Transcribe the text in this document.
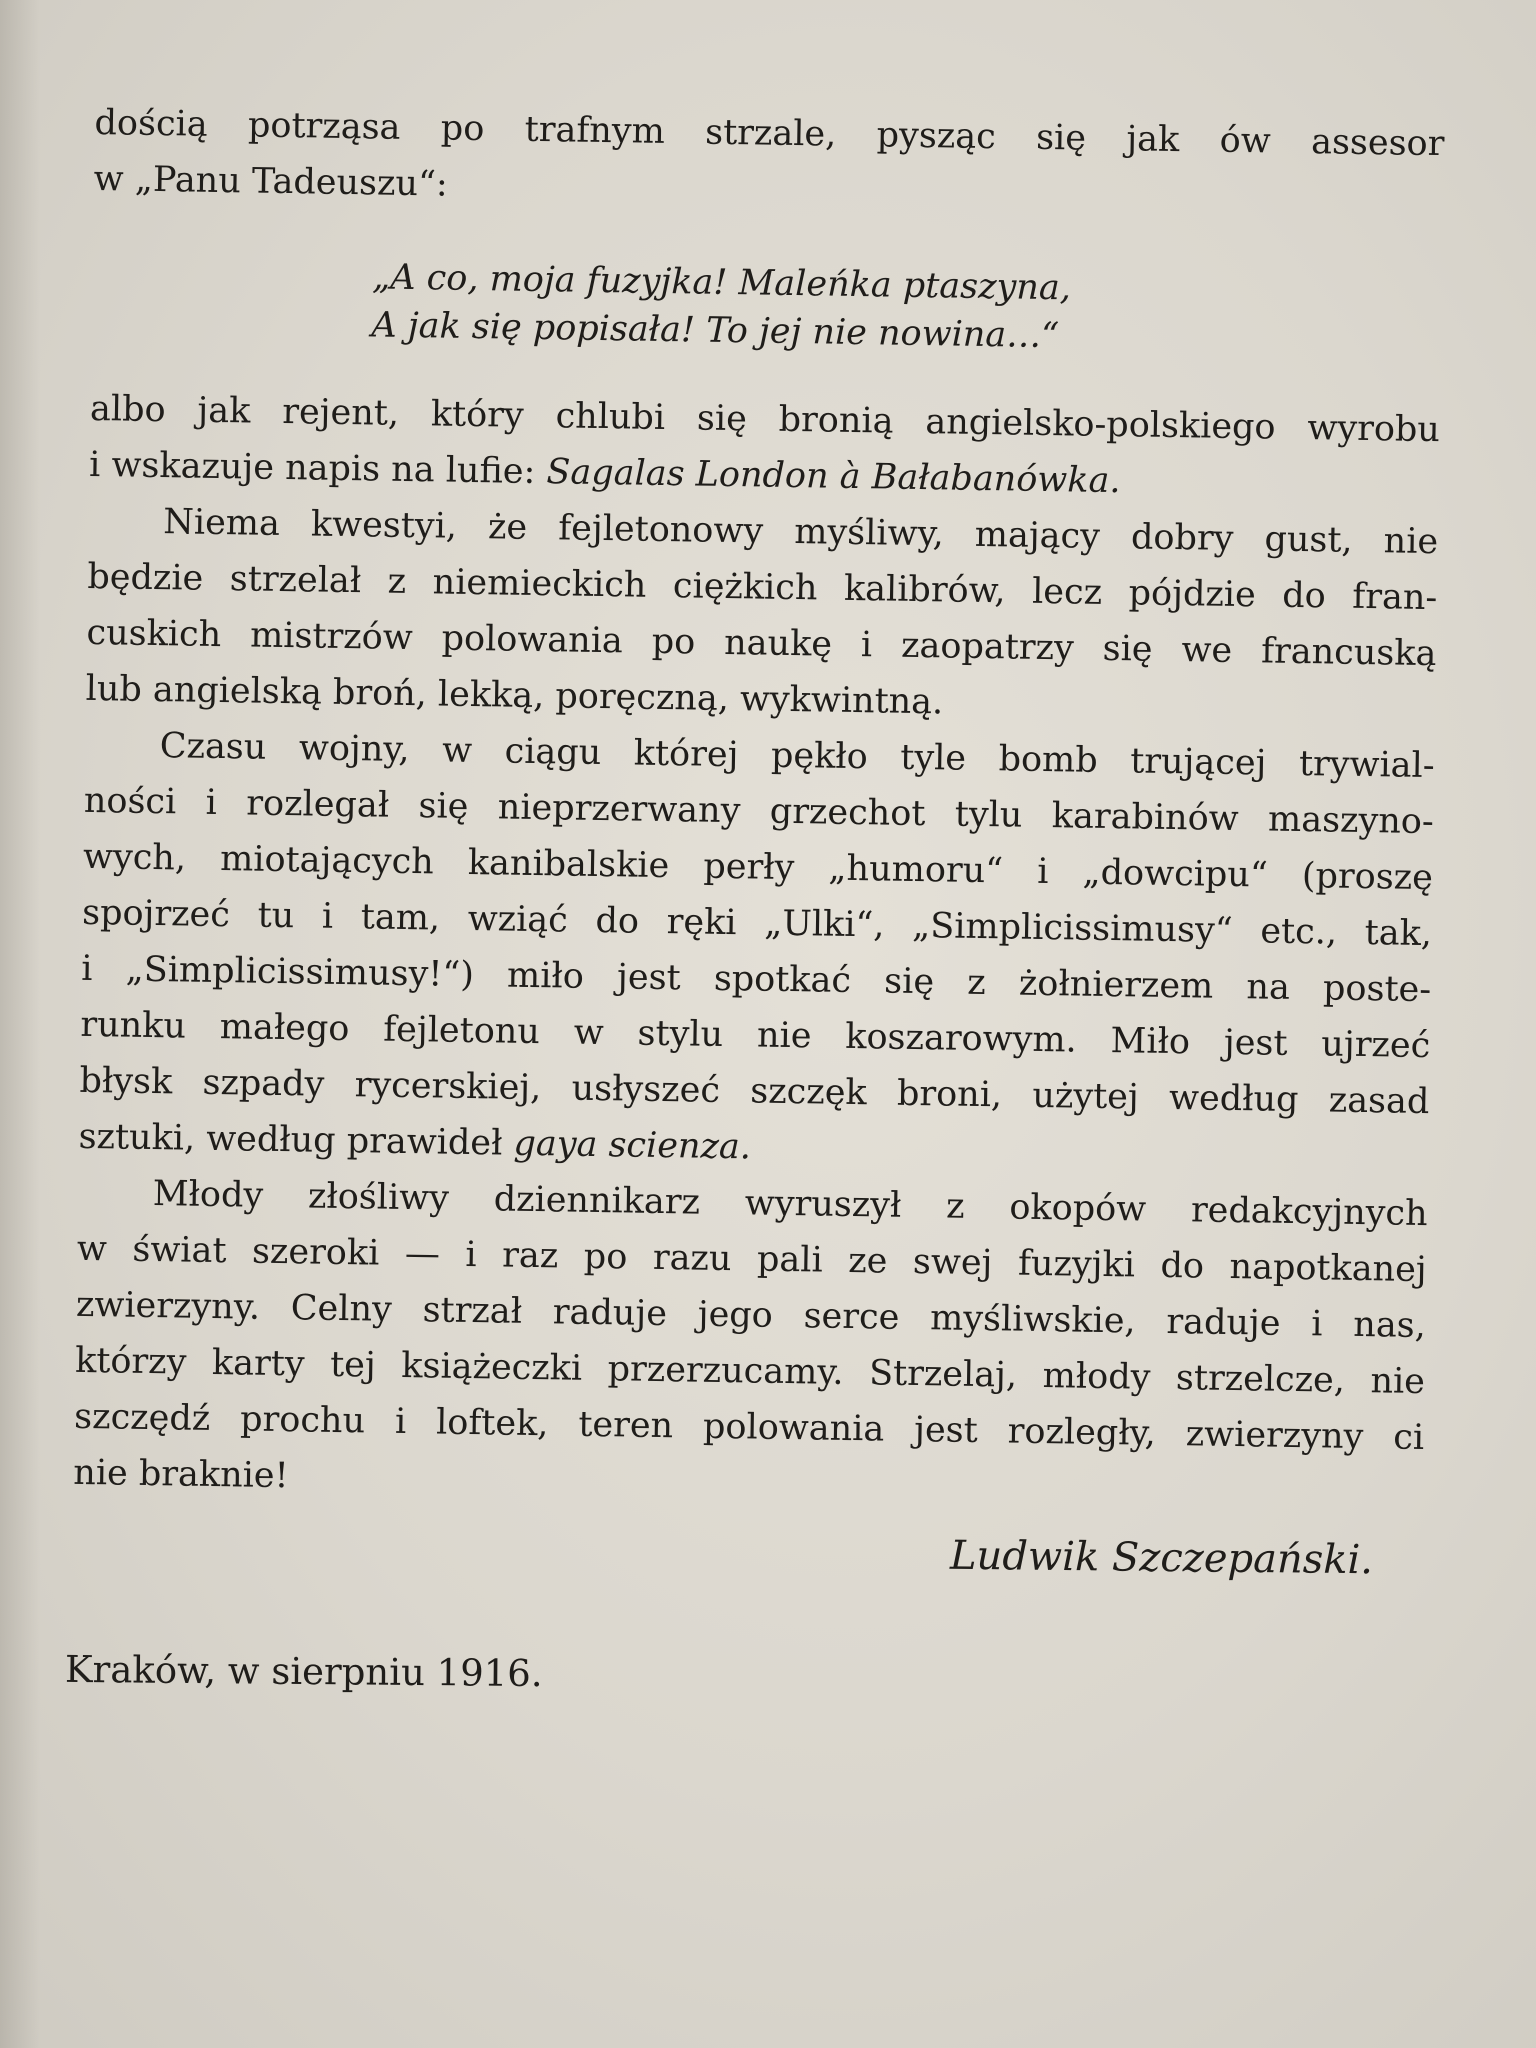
dością potrząsa po trafnym strzale, pysząc się jak ów assesor
w „Panu Tadeuszu“:
„A co, moja fuzyjka! Maleńka ptaszyna,
A jak się popisała! To jej nie nowina…“
albo jak rejent, który chlubi się bronią angielsko-polskiego wyrobu
i wskazuje napis na lufie: Sagalas London à Bałabanówka.
Niema kwestyi, że fejletonowy myśliwy, mający dobry gust, nie
będzie strzelał z niemieckich ciężkich kalibrów, lecz pójdzie do fran-
cuskich mistrzów polowania po naukę i zaopatrzy się we francuską
lub angielską broń, lekką, poręczną, wykwintną.
Czasu wojny, w ciągu której pękło tyle bomb trującej trywial-
ności i rozlegał się nieprzerwany grzechot tylu karabinów maszyno-
wych, miotających kanibalskie perły „humoru“ i „dowcipu“ (proszę
spojrzeć tu i tam, wziąć do ręki „Ulki“, „Simplicissimusy“ etc., tak,
i „Simplicissimusy!“) miło jest spotkać się z żołnierzem na poste-
runku małego fejletonu w stylu nie koszarowym. Miło jest ujrzeć
błysk szpady rycerskiej, usłyszeć szczęk broni, użytej według zasad
sztuki, według prawideł gaya scienza.
Młody złośliwy dziennikarz wyruszył z okopów redakcyjnych
w świat szeroki — i raz po razu pali ze swej fuzyjki do napotkanej
zwierzyny. Celny strzał raduje jego serce myśliwskie, raduje i nas,
którzy karty tej książeczki przerzucamy. Strzelaj, młody strzelcze, nie
szczędź prochu i loftek, teren polowania jest rozległy, zwierzyny ci
nie braknie!
Ludwik Szczepański.
Kraków, w sierpniu 1916.
